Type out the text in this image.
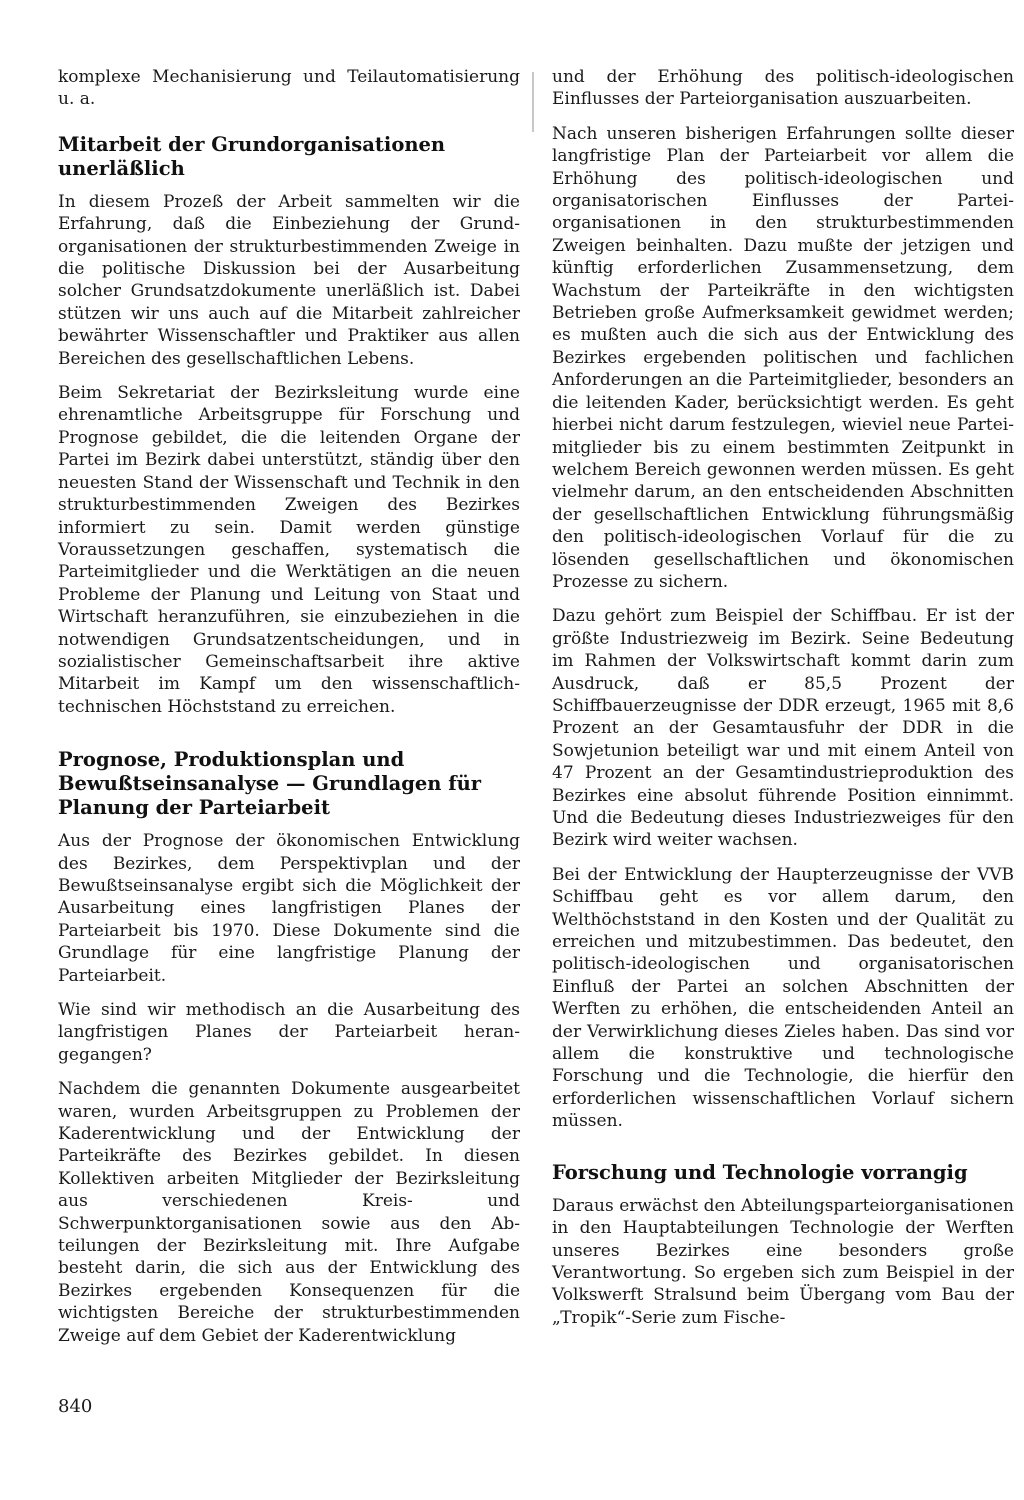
komplexe Mechanisierung und Teilautomatisierung u. a.

Mitarbeit der Grundorganisationen unerläßlich

In diesem Prozeß der Arbeit sammelten wir die Erfahrung, daß die Einbeziehung der Grundorganisationen der strukturbestimmenden Zweige in die politische Diskussion bei der Ausarbeitung solcher Grundsatzdokumente unerläßlich ist. Dabei stützen wir uns auch auf die Mitarbeit zahlreicher bewährter Wissenschaftler und Praktiker aus allen Bereichen des gesellschaftlichen Lebens.

Beim Sekretariat der Bezirksleitung wurde eine ehrenamtliche Arbeitsgruppe für Forschung und Prognose gebildet, die die leitenden Organe der Partei im Bezirk dabei unterstützt, ständig über den neuesten Stand der Wissenschaft und Technik in den strukturbestimmenden Zweigen des Bezirkes informiert zu sein. Damit werden günstige Voraussetzungen geschaffen, systematisch die Parteimitglieder und die Werktätigen an die neuen Probleme der Planung und Leitung von Staat und Wirtschaft heranzuführen, sie einzubeziehen in die notwendigen Grundsatzentscheidungen, und in sozialistischer Gemeinschaftsarbeit ihre aktive Mitarbeit im Kampf um den wissenschaftlich-technischen Höchststand zu erreichen.

Prognose, Produktionsplan und Bewußtseinsanalyse — Grundlagen für Planung der Parteiarbeit

Aus der Prognose der ökonomischen Entwicklung des Bezirkes, dem Perspektivplan und der Bewußtseinsanalyse ergibt sich die Möglichkeit der Ausarbeitung eines langfristigen Planes der Parteiarbeit bis 1970. Diese Dokumente sind die Grundlage für eine langfristige Planung der Parteiarbeit.

Wie sind wir methodisch an die Ausarbeitung des langfristigen Planes der Parteiarbeit herangegangen?

Nachdem die genannten Dokumente ausgearbeitet waren, wurden Arbeitsgruppen zu Problemen der Kaderentwicklung und der Entwicklung der Parteikräfte des Bezirkes gebildet. In diesen Kollektiven arbeiten Mitglieder der Bezirksleitung aus verschiedenen Kreis- und Schwerpunktorganisationen sowie aus den Abteilungen der Bezirksleitung mit. Ihre Aufgabe besteht darin, die sich aus der Entwicklung des Bezirkes ergebenden Konsequenzen für die wichtigsten Bereiche der strukturbestimmenden Zweige auf dem Gebiet der Kaderentwicklung

und der Erhöhung des politisch-ideologischen Einflusses der Parteiorganisation auszuarbeiten.

Nach unseren bisherigen Erfahrungen sollte dieser langfristige Plan der Parteiarbeit vor allem die Erhöhung des politisch-ideologischen und organisatorischen Einflusses der Parteiorganisationen in den strukturbestimmenden Zweigen beinhalten. Dazu mußte der jetzigen und künftig erforderlichen Zusammensetzung, dem Wachstum der Parteikräfte in den wichtigsten Betrieben große Aufmerksamkeit gewidmet werden; es mußten auch die sich aus der Entwicklung des Bezirkes ergebenden politischen und fachlichen Anforderungen an die Parteimitglieder, besonders an die leitenden Kader, berücksichtigt werden. Es geht hierbei nicht darum festzulegen, wieviel neue Parteimitglieder bis zu einem bestimmten Zeitpunkt in welchem Bereich gewonnen werden müssen. Es geht vielmehr darum, an den entscheidenden Abschnitten der gesellschaftlichen Entwicklung führungsmäßig den politisch-ideologischen Vorlauf für die zu lösenden gesellschaftlichen und ökonomischen Prozesse zu sichern.

Dazu gehört zum Beispiel der Schiffbau. Er ist der größte Industriezweig im Bezirk. Seine Bedeutung im Rahmen der Volkswirtschaft kommt darin zum Ausdruck, daß er 85,5 Prozent der Schiffbauerzeugnisse der DDR erzeugt, 1965 mit 8,6 Prozent an der Gesamtausfuhr der DDR in die Sowjetunion beteiligt war und mit einem Anteil von 47 Prozent an der Gesamtindustrieproduktion des Bezirkes eine absolut führende Position einnimmt. Und die Bedeutung dieses Industriezweiges für den Bezirk wird weiter wachsen.

Bei der Entwicklung der Haupterzeugnisse der VVB Schiffbau geht es vor allem darum, den Welthöchststand in den Kosten und der Qualität zu erreichen und mitzubestimmen. Das bedeutet, den politisch-ideologischen und organisatorischen Einfluß der Partei an solchen Abschnitten der Werften zu erhöhen, die entscheidenden Anteil an der Verwirklichung dieses Zieles haben. Das sind vor allem die konstruktive und technologische Forschung und die Technologie, die hierfür den erforderlichen wissenschaftlichen Vorlauf sichern müssen.

Forschung und Technologie vorrangig

Daraus erwächst den Abteilungsparteiorganisationen in den Hauptabteilungen Technologie der Werften unseres Bezirkes eine besonders große Verantwortung. So ergeben sich zum Beispiel in der Volkswerft Stralsund beim Übergang vom Bau der „Tropik“-Serie zum Fische-

840
